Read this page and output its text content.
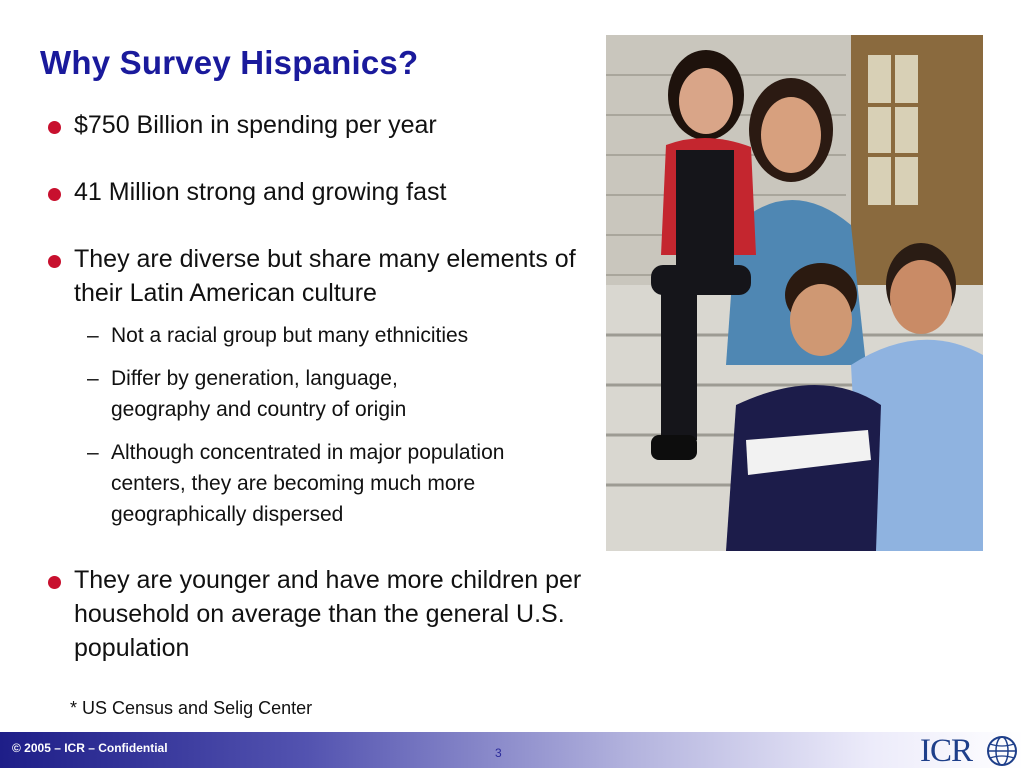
Why Survey Hispanics?
$750 Billion in spending per year
41 Million strong and growing fast
They are diverse but share many elements of their Latin American culture
– Not a racial group but many ethnicities
– Differ by generation, language, geography and country of origin
– Although concentrated in major population centers, they are becoming much more geographically dispersed
They are younger and have more children per household on average than the general U.S. population
* US Census and Selig Center
© 2005 – ICR – Confidential	3	ICR
